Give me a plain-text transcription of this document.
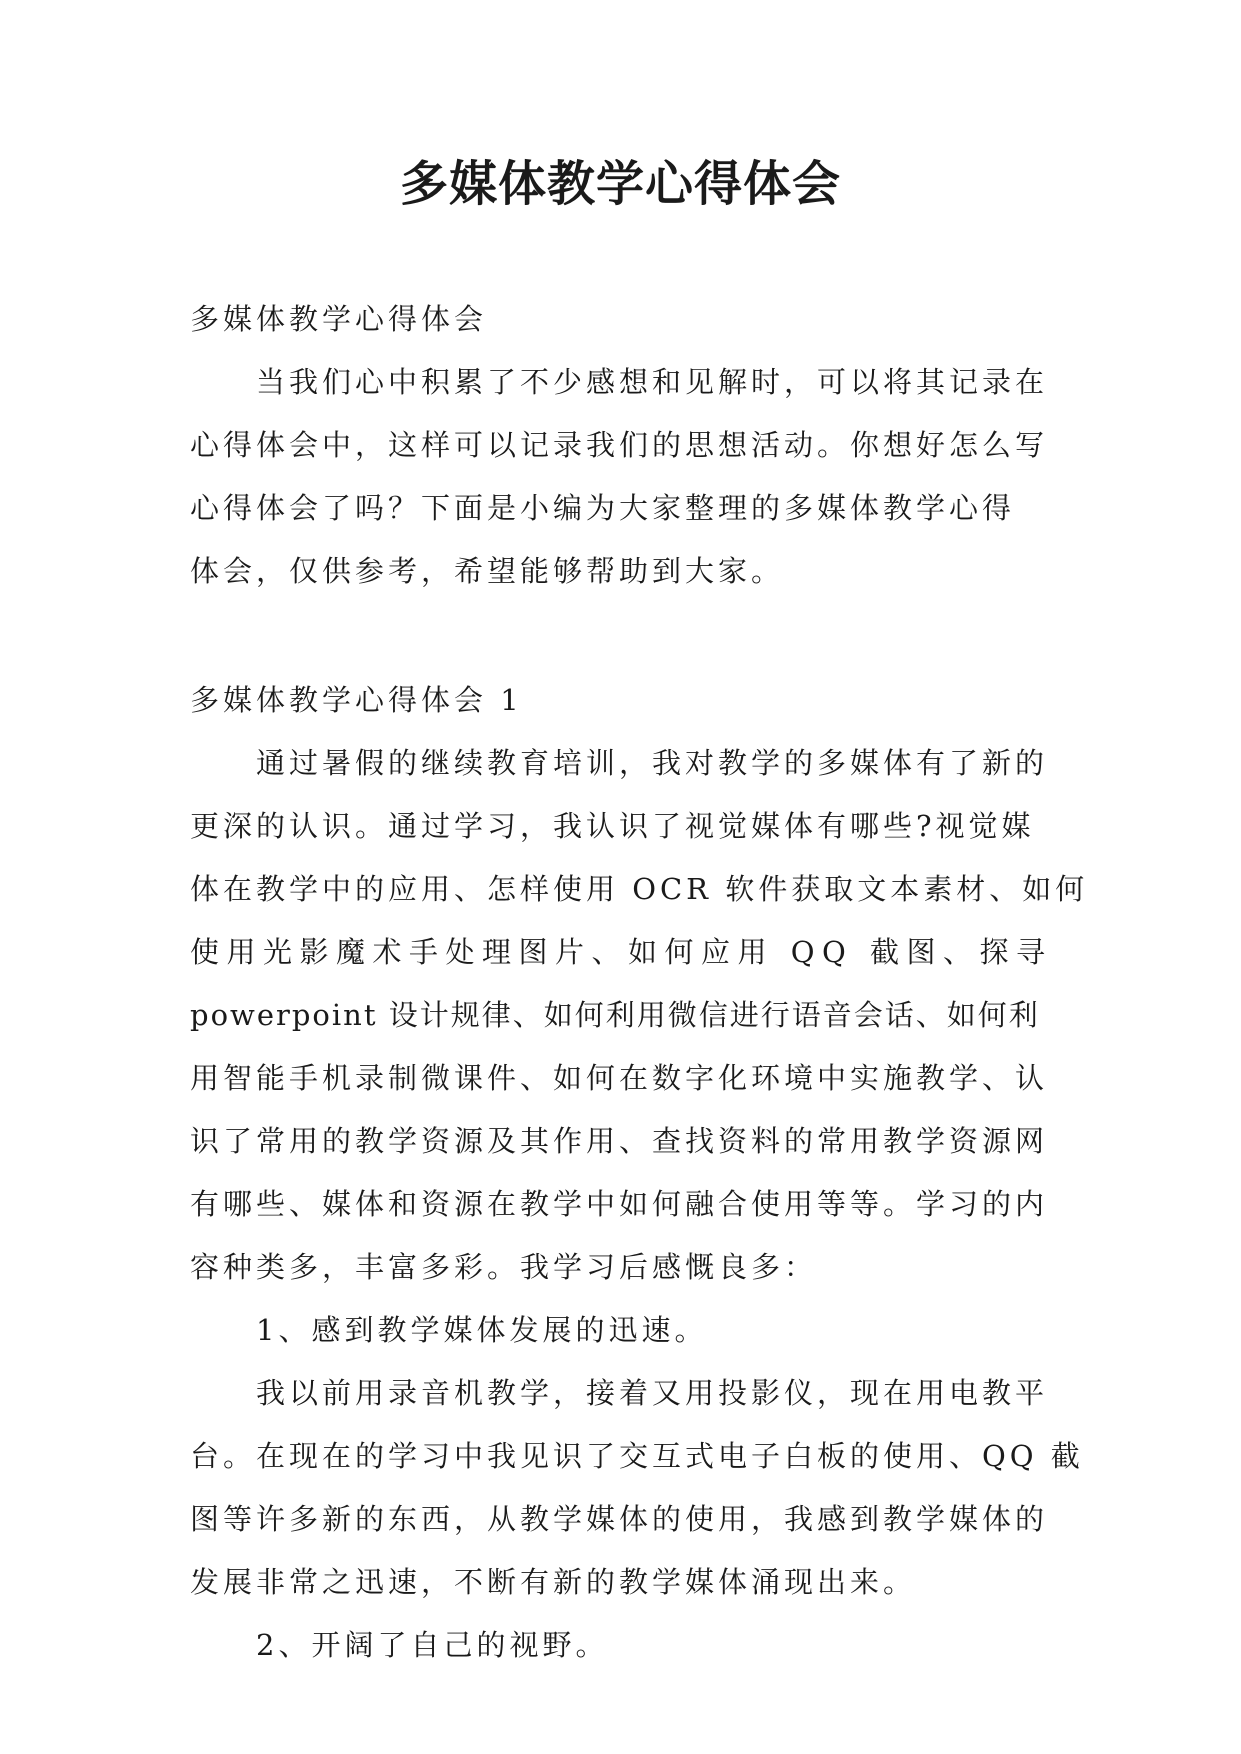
多媒体教学心得体会
多媒体教学心得体会
当我们心中积累了不少感想和见解时，可以将其记录在
心得体会中，这样可以记录我们的思想活动。你想好怎么写
心得体会了吗？下面是小编为大家整理的多媒体教学心得
体会，仅供参考，希望能够帮助到大家。
多媒体教学心得体会 1
通过暑假的继续教育培训，我对教学的多媒体有了新的
更深的认识。通过学习，我认识了视觉媒体有哪些?视觉媒
体在教学中的应用、怎样使用 OCR 软件获取文本素材、如何
使用光影魔术手处理图片、如何应用 QQ 截图、探寻
powerpoint 设计规律、如何利用微信进行语音会话、如何利
用智能手机录制微课件、如何在数字化环境中实施教学、认
识了常用的教学资源及其作用、查找资料的常用教学资源网
有哪些、媒体和资源在教学中如何融合使用等等。学习的内
容种类多，丰富多彩。我学习后感慨良多：
1、感到教学媒体发展的迅速。
我以前用录音机教学，接着又用投影仪，现在用电教平
台。在现在的学习中我见识了交互式电子白板的使用、QQ 截
图等许多新的东西，从教学媒体的使用，我感到教学媒体的
发展非常之迅速，不断有新的教学媒体涌现出来。
2、开阔了自己的视野。
